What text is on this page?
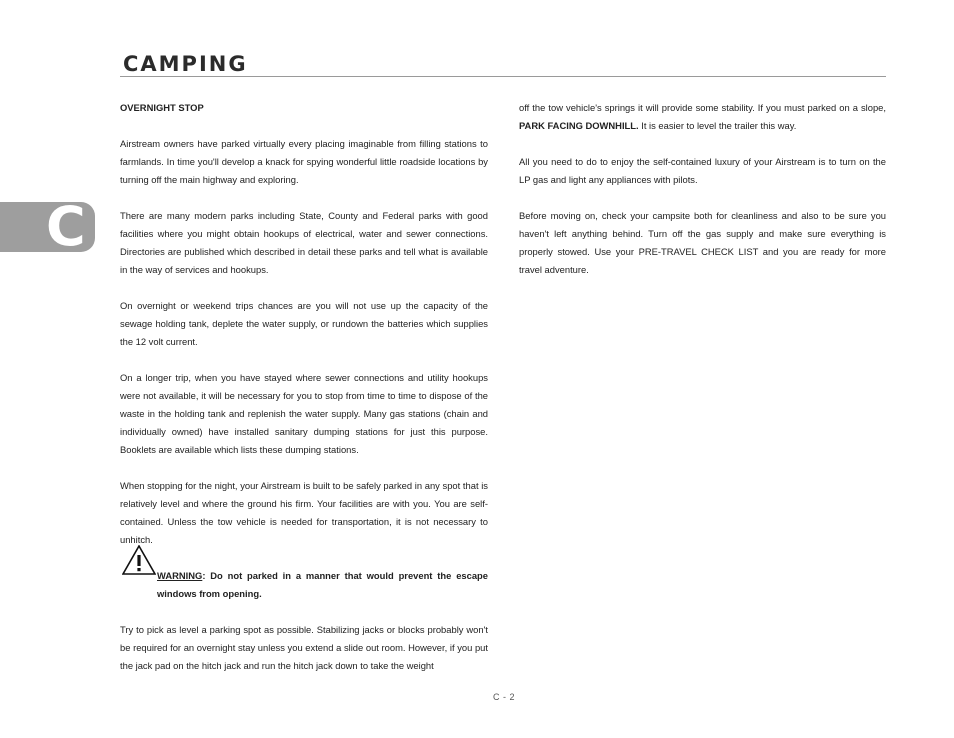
CAMPING
C

OVERNIGHT STOP

Airstream owners have parked virtually every placing imaginable from filling stations to farmlands. In time you'll develop a knack for spying wonderful little roadside locations by turning off the main highway and exploring.

There are many modern parks including State, County and Federal parks with good facilities where you might obtain hookups of electrical, water and sewer connections. Directories are published which described in detail these parks and tell what is available in the way of services and hookups.

On overnight or weekend trips chances are you will not use up the capacity of the sewage holding tank, deplete the water supply, or rundown the batteries which supplies the 12 volt current.

On a longer trip, when you have stayed where sewer connections and utility hookups were not available, it will be necessary for you to stop from time to time to dispose of the waste in the holding tank and replenish the water supply. Many gas stations (chain and individually owned) have installed sanitary dumping stations for just this purpose. Booklets are available which lists these dumping stations.

When stopping for the night, your Airstream is built to be safely parked in any spot that is relatively level and where the ground his firm. Your facilities are with you. You are self-contained. Unless the tow vehicle is needed for transportation, it is not necessary to unhitch.

WARNING: Do not parked in a manner that would prevent the escape windows from opening.

Try to pick as level a parking spot as possible. Stabilizing jacks or blocks probably won't be required for an overnight stay unless you extend a slide out room. However, if you put the jack pad on the hitch jack and run the hitch jack down to take the weight

off the tow vehicle's springs it will provide some stability. If you must parked on a slope, PARK FACING DOWNHILL. It is easier to level the trailer this way.

All you need to do to enjoy the self-contained luxury of your Airstream is to turn on the LP gas and light any appliances with pilots.

Before moving on, check your campsite both for cleanliness and also to be sure you haven't left anything behind. Turn off the gas supply and make sure everything is properly stowed. Use your PRE-TRAVEL CHECK LIST and you are ready for more travel adventure.

C - 2
